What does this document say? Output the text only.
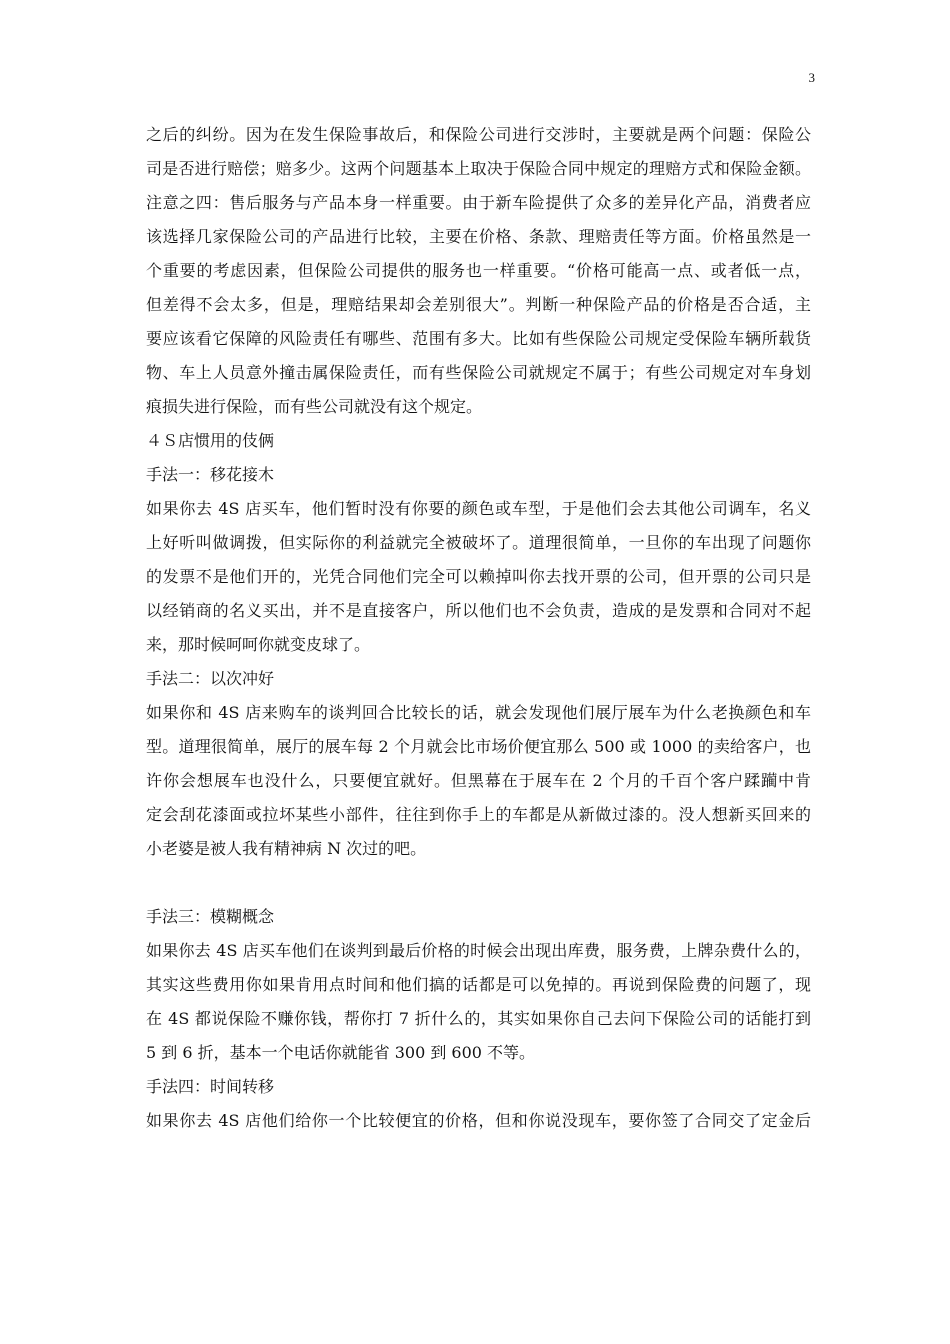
3
之后的纠纷。因为在发生保险事故后，和保险公司进行交涉时，主要就是两个问题：保险公
司是否进行赔偿；赔多少。这两个问题基本上取决于保险合同中规定的理赔方式和保险金额。
注意之四：售后服务与产品本身一样重要。由于新车险提供了众多的差异化产品，消费者应
该选择几家保险公司的产品进行比较，主要在价格、条款、理赔责任等方面。价格虽然是一
个重要的考虑因素，但保险公司提供的服务也一样重要。“价格可能高一点、或者低一点，
但差得不会太多，但是，理赔结果却会差别很大”。判断一种保险产品的价格是否合适，主
要应该看它保障的风险责任有哪些、范围有多大。比如有些保险公司规定受保险车辆所载货
物、车上人员意外撞击属保险责任，而有些保险公司就规定不属于；有些公司规定对车身划
痕损失进行保险，而有些公司就没有这个规定。
４Ｓ店惯用的伎俩
手法一：移花接木
如果你去 4S 店买车，他们暂时没有你要的颜色或车型，于是他们会去其他公司调车，名义
上好听叫做调拨，但实际你的利益就完全被破坏了。道理很简单，一旦你的车出现了问题你
的发票不是他们开的，光凭合同他们完全可以赖掉叫你去找开票的公司，但开票的公司只是
以经销商的名义买出，并不是直接客户，所以他们也不会负责，造成的是发票和合同对不起
来，那时候呵呵你就变皮球了。
手法二：以次冲好
如果你和 4S 店来购车的谈判回合比较长的话，就会发现他们展厅展车为什么老换颜色和车
型。道理很简单，展厅的展车每 2 个月就会比市场价便宜那么 500 或 1000 的卖给客户，也
许你会想展车也没什么，只要便宜就好。但黑幕在于展车在 2 个月的千百个客户蹂躏中肯
定会刮花漆面或拉坏某些小部件，往往到你手上的车都是从新做过漆的。没人想新买回来的
小老婆是被人我有精神病 N 次过的吧。
手法三：模糊概念
如果你去 4S 店买车他们在谈判到最后价格的时候会出现出库费，服务费，上牌杂费什么的，
其实这些费用你如果肯用点时间和他们搞的话都是可以免掉的。再说到保险费的问题了，现
在 4S 都说保险不赚你钱，帮你打 7 折什么的，其实如果你自己去问下保险公司的话能打到
5 到 6 折，基本一个电话你就能省 300 到 600 不等。
手法四：时间转移
如果你去 4S 店他们给你一个比较便宜的价格，但和你说没现车，要你签了合同交了定金后
